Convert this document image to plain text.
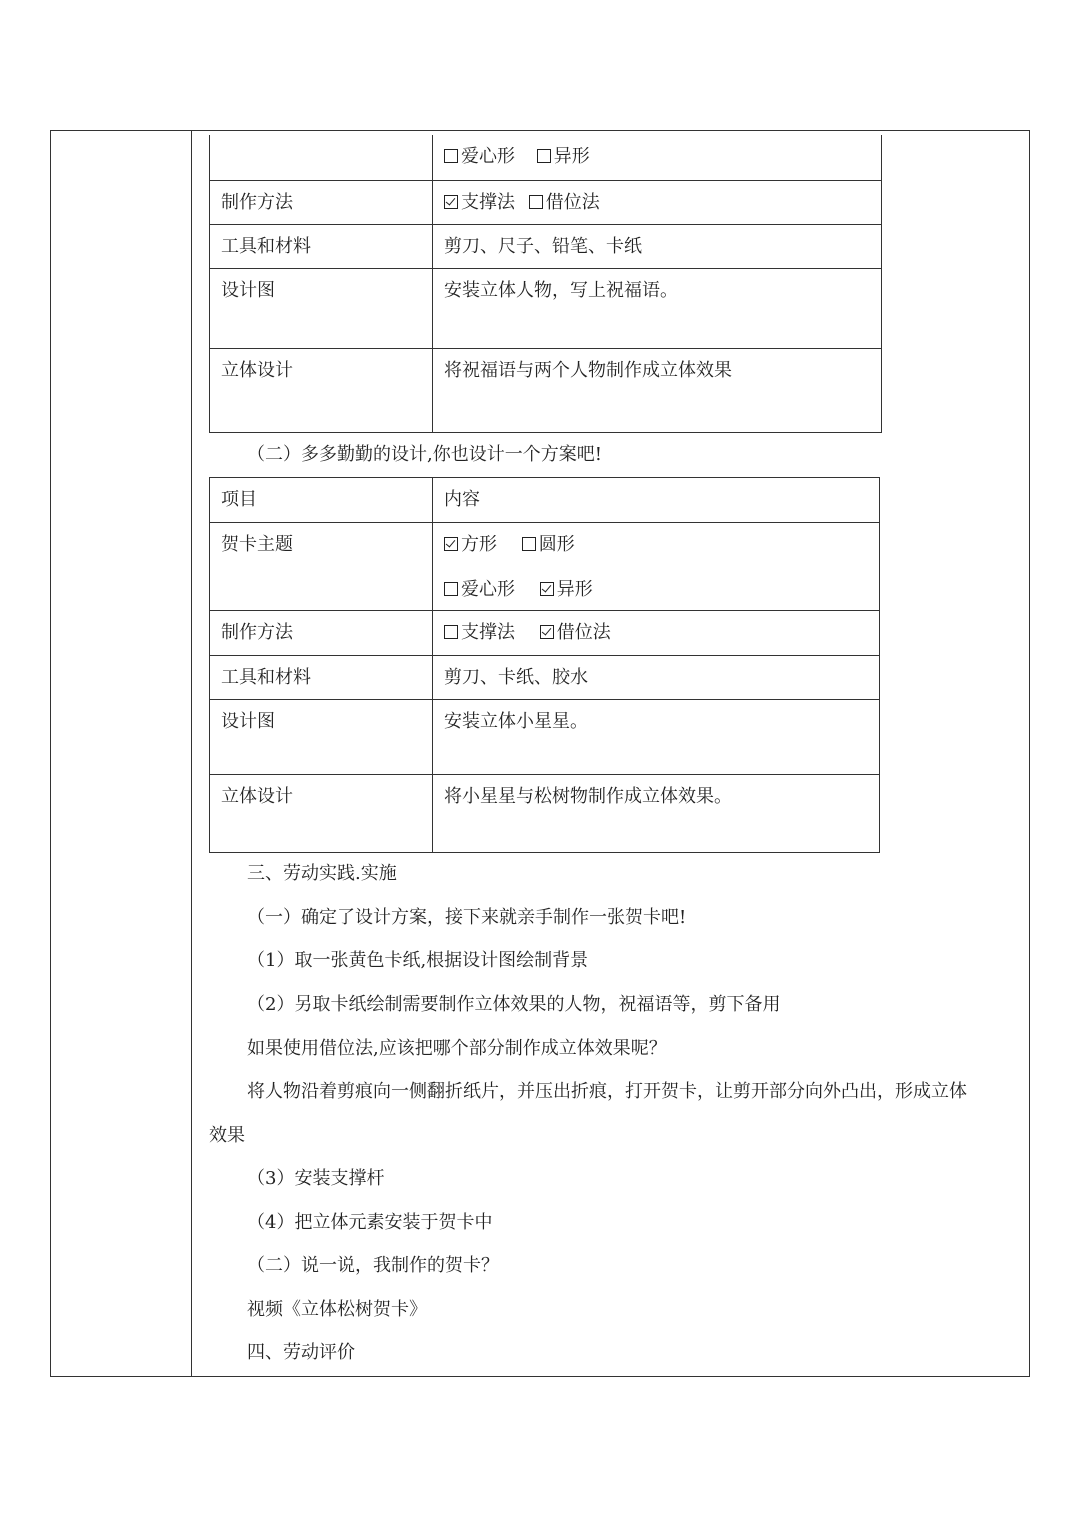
	爱心形 异形
制作方法	支撑法 借位法
工具和材料	剪刀、尺子、铅笔、卡纸
设计图	安装立体人物，写上祝福语。
立体设计	将祝福语与两个人物制作成立体效果
（二）多多勤勤的设计,你也设计一个方案吧!
项目	内容
贺卡主题	方形 圆形
爱心形 异形

制作方法	支撑法 借位法
工具和材料	剪刀、卡纸、胶水
设计图	安装立体小星星。
立体设计	将小星星与松树物制作成立体效果。
三、劳动实践.实施
（一）确定了设计方案，接下来就亲手制作一张贺卡吧!
（1）取一张黄色卡纸,根据设计图绘制背景
（2）另取卡纸绘制需要制作立体效果的人物，祝福语等，剪下备用
如果使用借位法,应该把哪个部分制作成立体效果呢？
将人物沿着剪痕向一侧翻折纸片，并压出折痕，打开贺卡，让剪开部分向外凸出，形成立体
效果
（3）安装支撑杆
（4）把立体元素安装于贺卡中
（二）说一说，我制作的贺卡？
视频《立体松树贺卡》
四、劳动评价
